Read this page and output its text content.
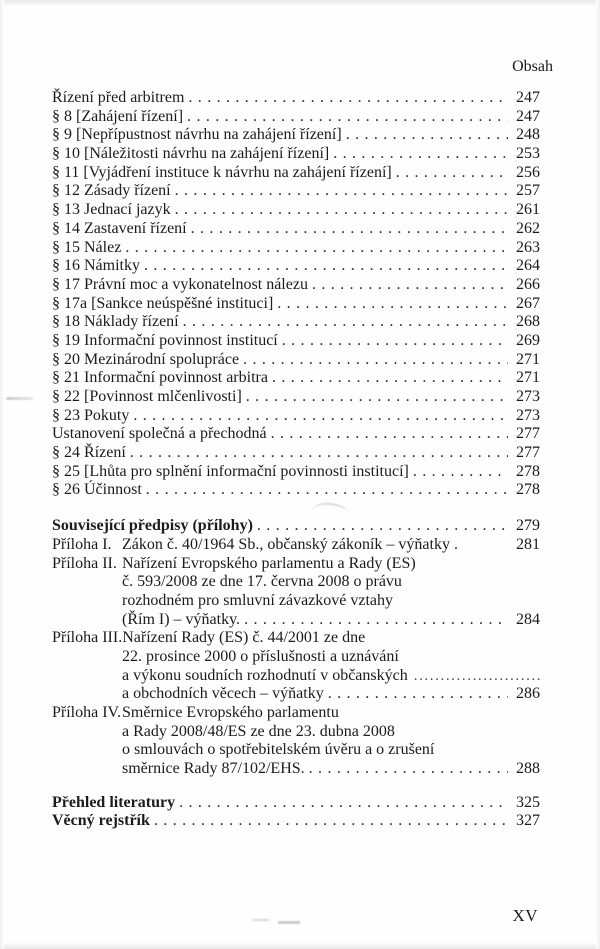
Obsah
Řízení před arbitrem .....	247
§ 8 [Zahájení řízení] .....	247
§ 9 [Nepřípustnost návrhu na zahájení řízení] .....	248
§ 10 [Náležitosti návrhu na zahájení řízení] .....	253
§ 11 [Vyjádření instituce k návrhu na zahájení řízení] .....	256
§ 12 Zásady řízení .....	257
§ 13 Jednací jazyk .....	261
§ 14 Zastavení řízení .....	262
§ 15 Nález .....	263
§ 16 Námitky .....	264
§ 17 Právní moc a vykonatelnost nálezu .....	266
§ 17a [Sankce neúspěšné instituci] .....	267
§ 18 Náklady řízení .....	268
§ 19 Informační povinnost institucí .....	269
§ 20 Mezinárodní spolupráce .....	271
§ 21 Informační povinnost arbitra .....	271
§ 22 [Povinnost mlčenlivosti] .....	273
§ 23 Pokuty .....	273
Ustanovení společná a přechodná .....	277
§ 24 Řízení .....	277
§ 25 [Lhůta pro splnění informační povinnosti institucí] .....	278
§ 26 Účinnost .....	278
Související předpisy (přílohy) .....	279
Příloha I. Zákon č. 40/1964 Sb., občanský zákoník – výňatky .	281
Příloha II. Nařízení Evropského parlamentu a Rady (ES)
č. 593/2008 ze dne 17. června 2008 o právu
rozhodném pro smluvní závazkové vztahy
(Řím I) – výňatky. .....	284
Příloha III. Nařízení Rady (ES) č. 44/2001 ze dne
22. prosince 2000 o příslušnosti a uznávání
a výkonu soudních rozhodnutí v občanských
.....
a obchodních věcech – výňatky .....	286
Příloha IV. Směrnice Evropského parlamentu
a Rady 2008/48/ES ze dne 23. dubna 2008
o smlouvách o spotřebitelském úvěru a o zrušení
směrnice Rady 87/102/EHS. .....	288
Přehled literatury .....	325
Věcný rejstřík .....	327
XV
